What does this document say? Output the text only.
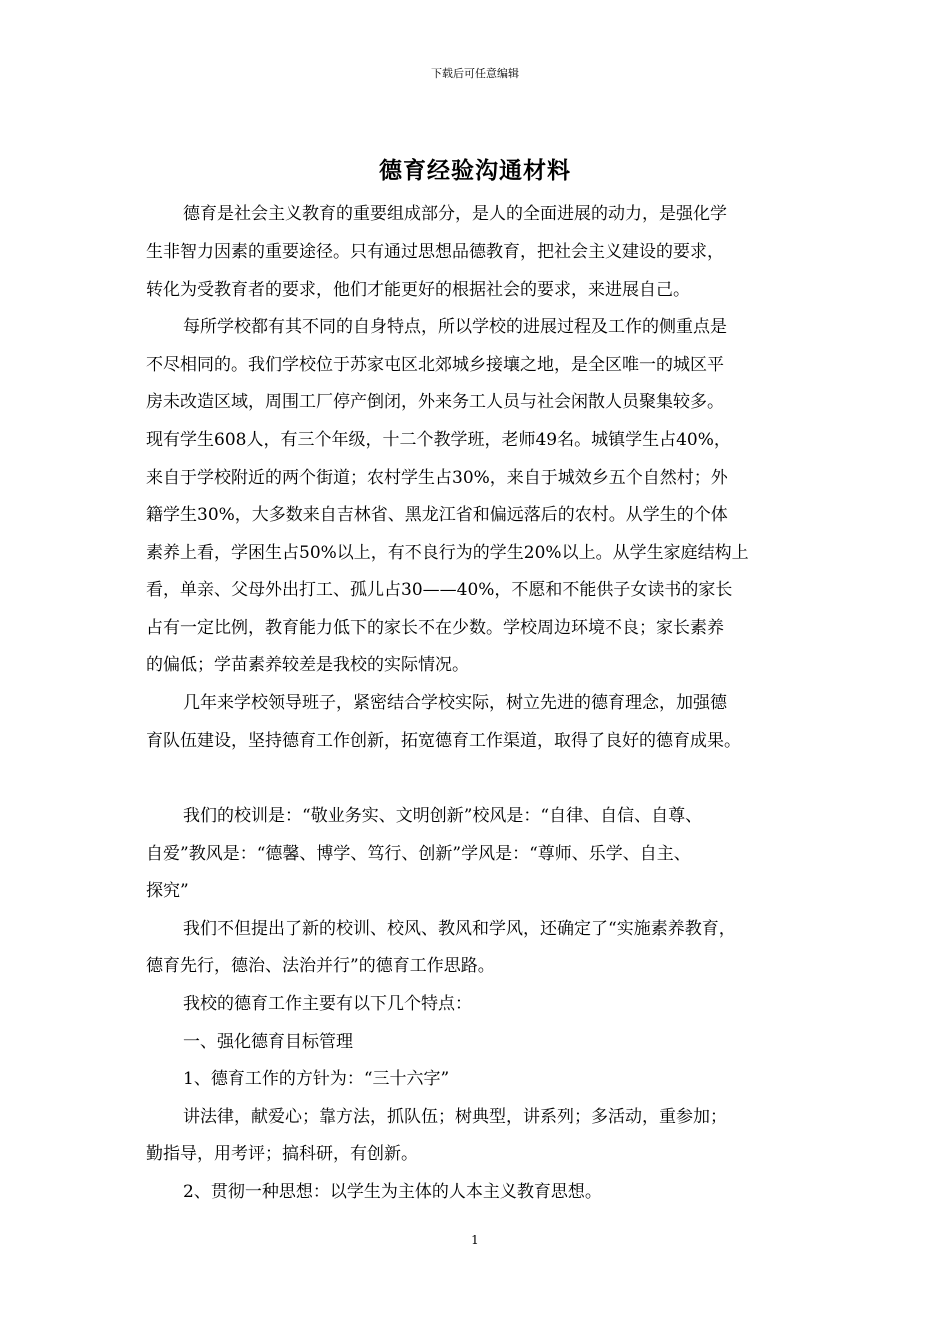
下载后可任意编辑
德育经验沟通材料
德育是社会主义教育的重要组成部分，是人的全面进展的动力，是强化学
生非智力因素的重要途径。只有通过思想品德教育，把社会主义建设的要求，
转化为受教育者的要求，他们才能更好的根据社会的要求，来进展自己。
每所学校都有其不同的自身特点，所以学校的进展过程及工作的侧重点是
不尽相同的。我们学校位于苏家屯区北郊城乡接壤之地，是全区唯一的城区平
房未改造区域，周围工厂停产倒闭，外来务工人员与社会闲散人员聚集较多。
现有学生608人，有三个年级，十二个教学班，老师49名。城镇学生占40%，
来自于学校附近的两个街道；农村学生占30%，来自于城效乡五个自然村；外
籍学生30%，大多数来自吉林省、黑龙江省和偏远落后的农村。从学生的个体
素养上看，学困生占50%以上，有不良行为的学生20%以上。从学生家庭结构上
看，单亲、父母外出打工、孤儿占30——40%，不愿和不能供子女读书的家长
占有一定比例，教育能力低下的家长不在少数。学校周边环境不良；家长素养
的偏低；学苗素养较差是我校的实际情况。
几年来学校领导班子，紧密结合学校实际，树立先进的德育理念，加强德
育队伍建设，坚持德育工作创新，拓宽德育工作渠道，取得了良好的德育成果。
我们的校训是：“敬业务实、文明创新”校风是：“自律、自信、自尊、
自爱”教风是：“德馨、博学、笃行、创新”学风是：“尊师、乐学、自主、
探究”
我们不但提出了新的校训、校风、教风和学风，还确定了“实施素养教育，
德育先行，德治、法治并行”的德育工作思路。
我校的德育工作主要有以下几个特点：
一、强化德育目标管理
1、德育工作的方针为：“三十六字”
讲法律，献爱心；靠方法，抓队伍；树典型，讲系列；多活动，重参加；
勤指导，用考评；搞科研，有创新。
2、贯彻一种思想：以学生为主体的人本主义教育思想。
1
